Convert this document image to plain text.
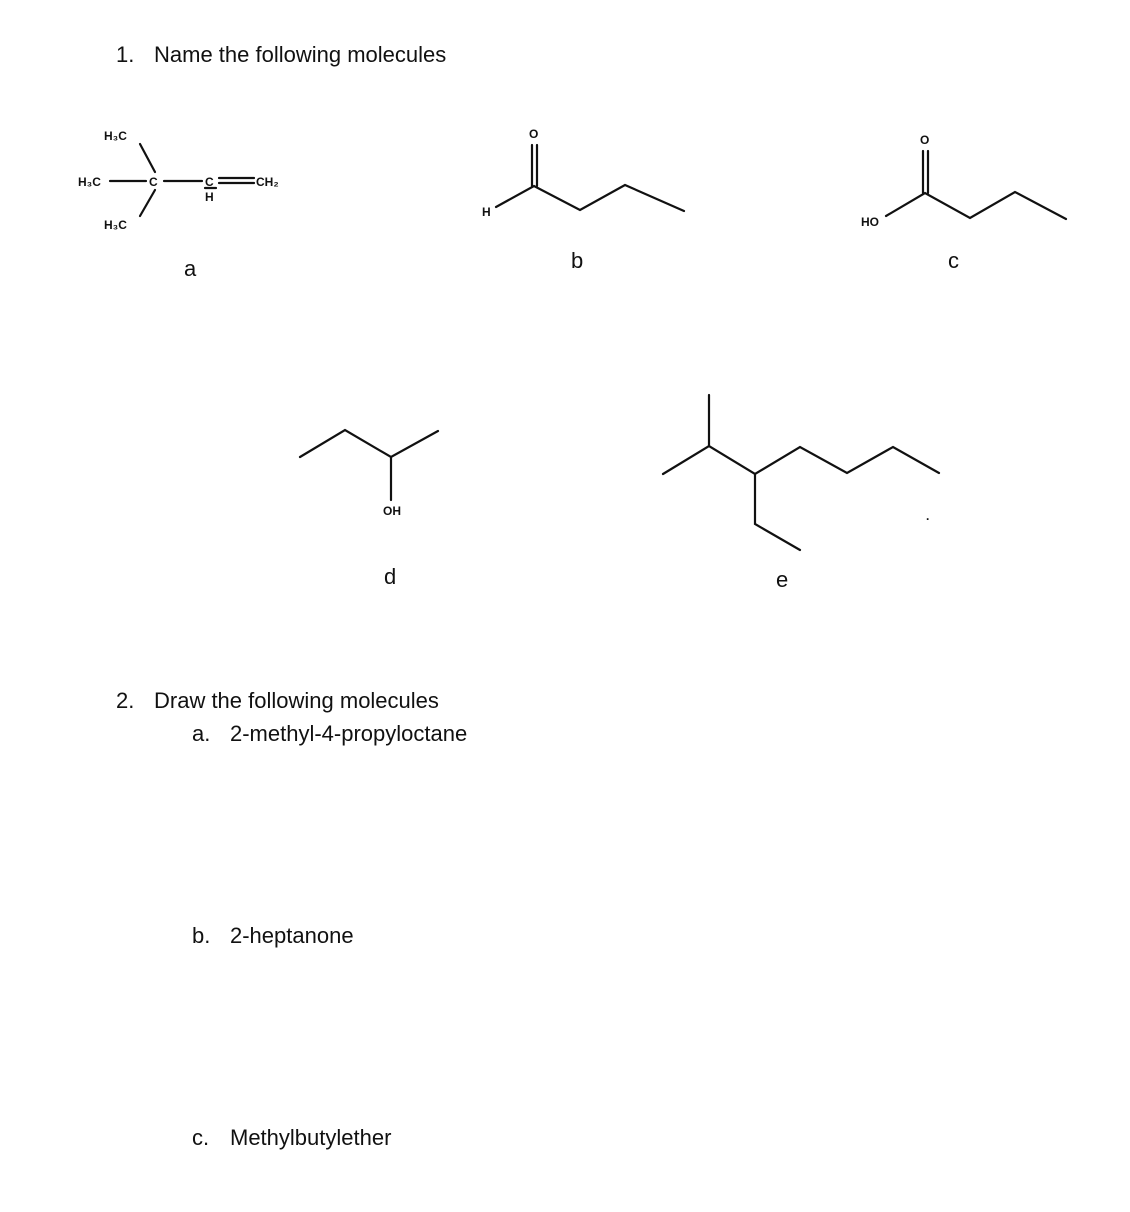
1. Name the following molecules
H₃C
H₃C	C	C
H
CH₂
H₃C
O
H
O
HO
OH	.
a	b	c
d	e
2. Draw the following molecules
a. 2-methyl-4-propyloctane
b. 2-heptanone
c. Methylbutylether
